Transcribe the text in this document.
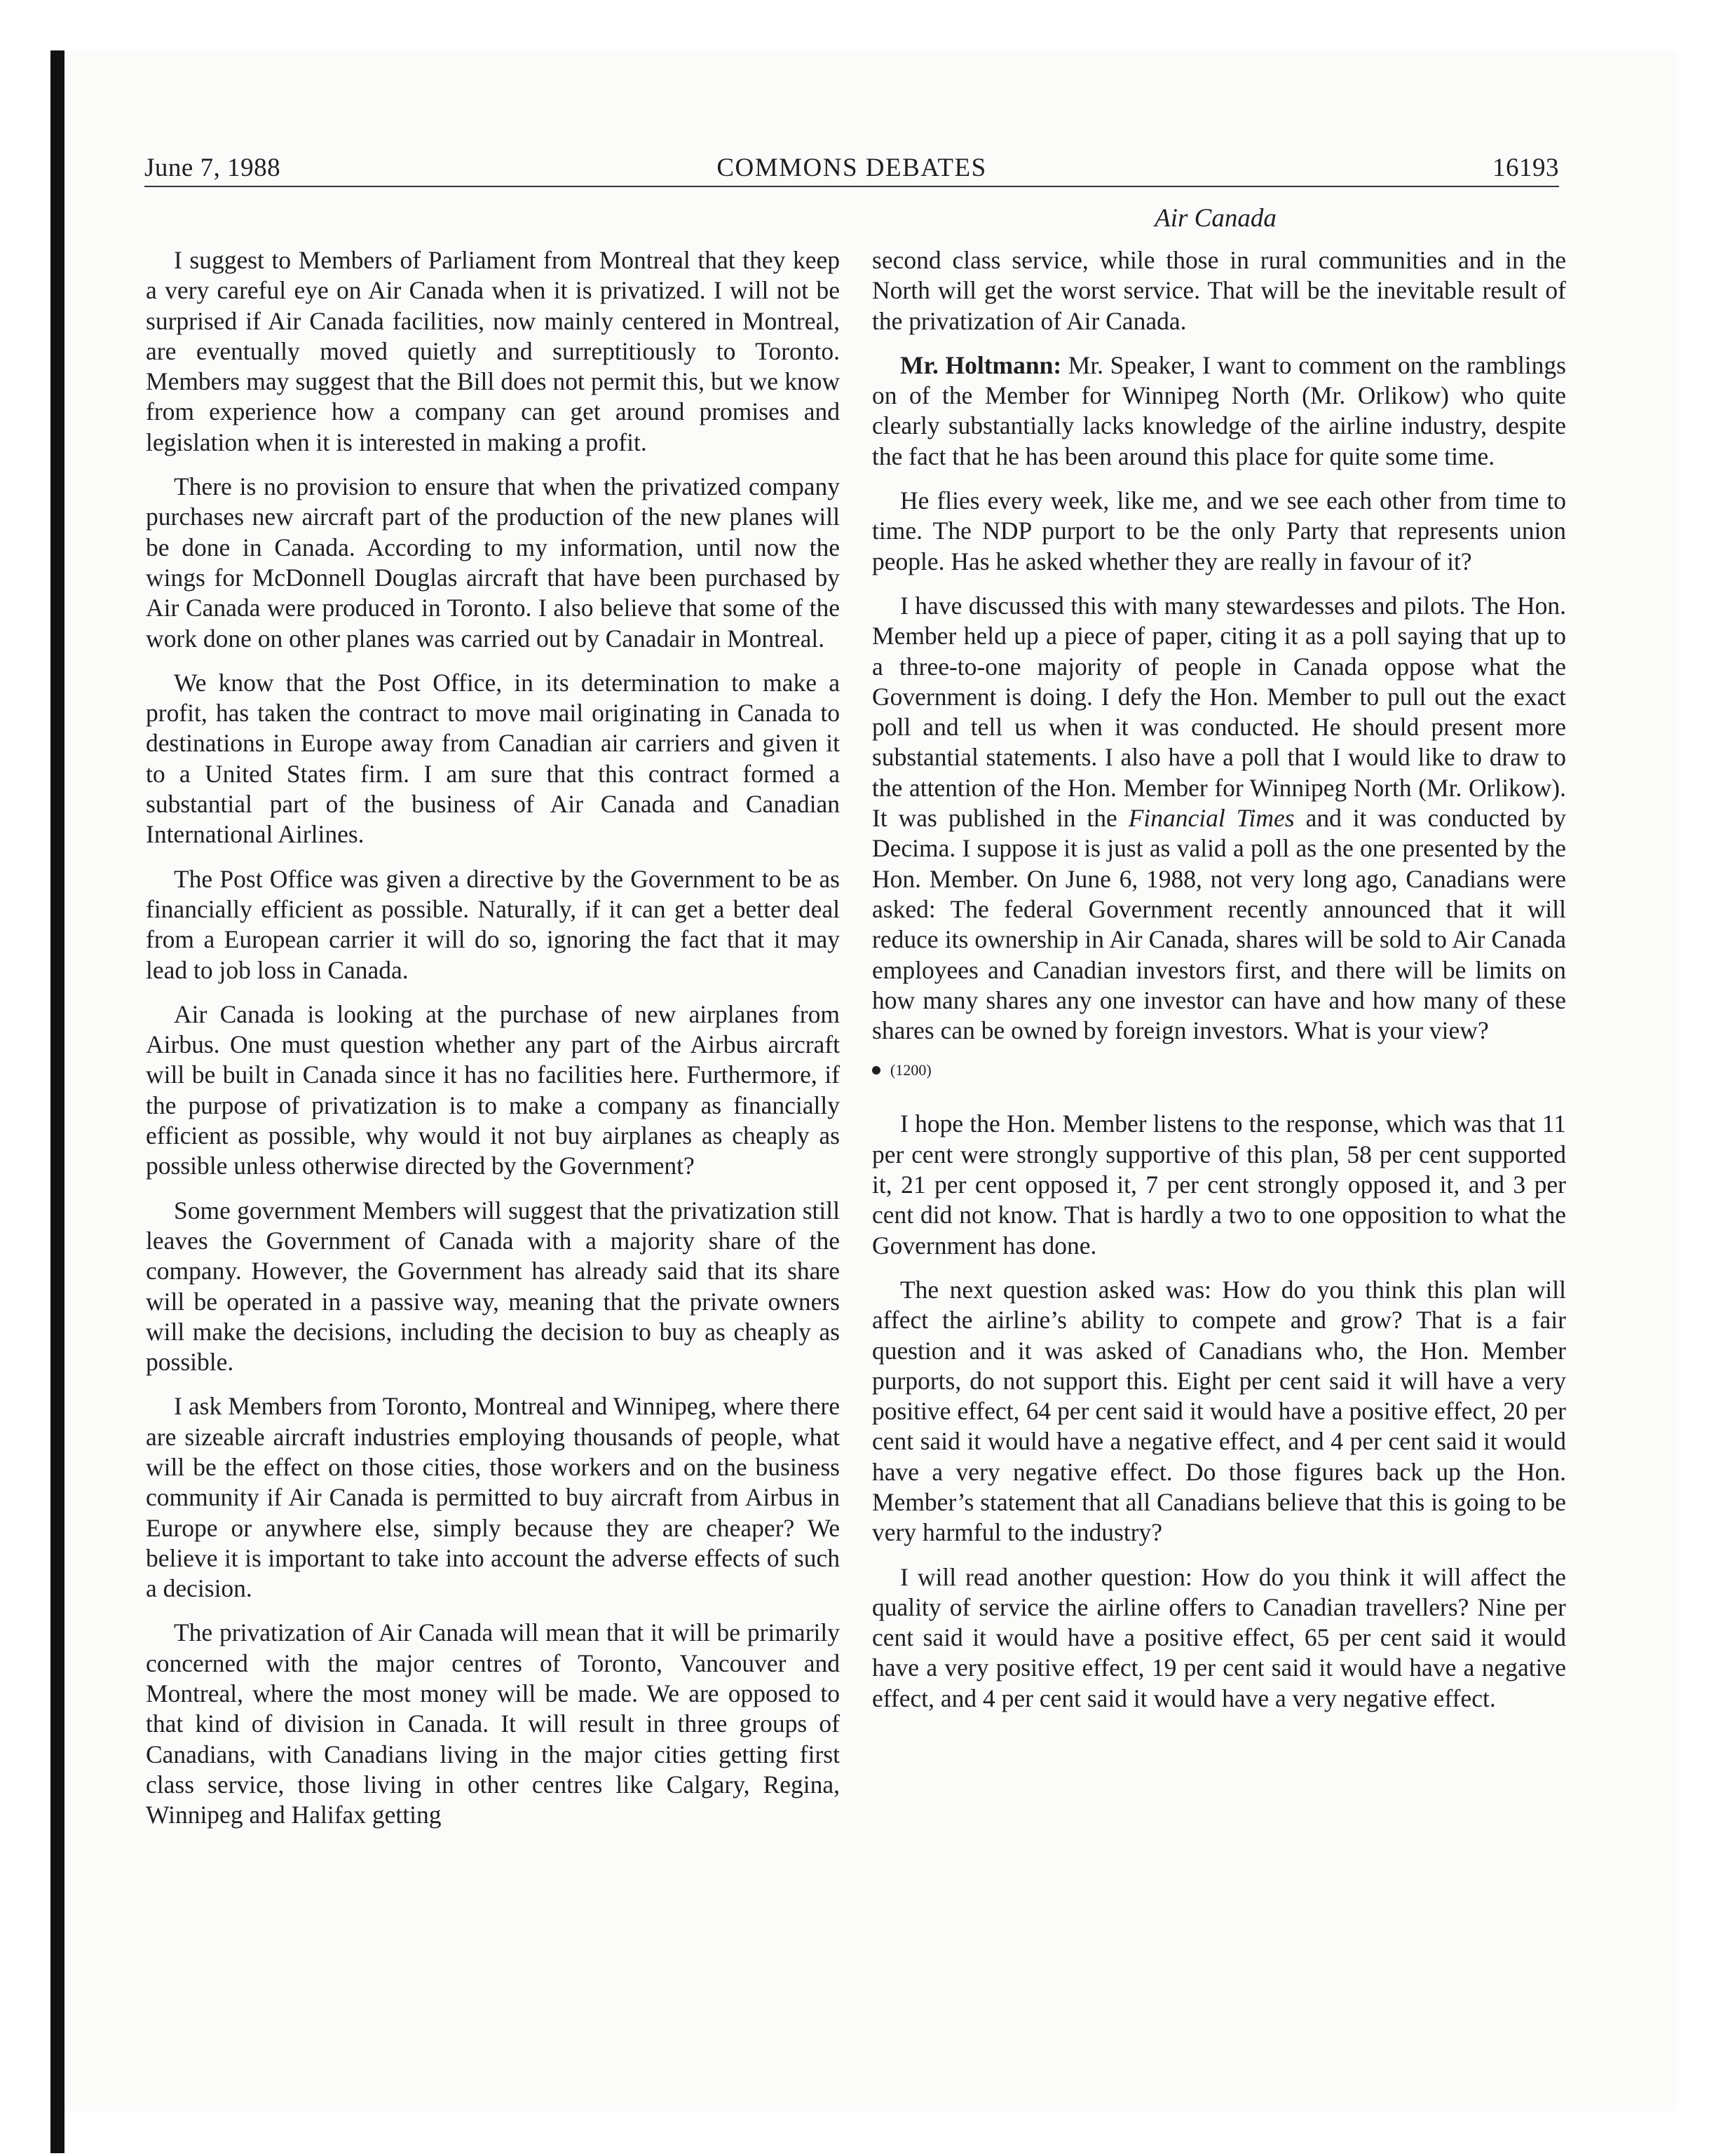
June 7, 1988	COMMONS DEBATES	16193
Air Canada

I suggest to Members of Parliament from Montreal that they keep a very careful eye on Air Canada when it is privatized. I will not be surprised if Air Canada facilities, now mainly centered in Montreal, are eventually moved quietly and surreptitiously to Toronto. Members may suggest that the Bill does not permit this, but we know from experience how a company can get around promises and legislation when it is interested in making a profit.

There is no provision to ensure that when the privatized company purchases new aircraft part of the production of the new planes will be done in Canada. According to my information, until now the wings for McDonnell Douglas aircraft that have been purchased by Air Canada were produced in Toronto. I also believe that some of the work done on other planes was carried out by Canadair in Montreal.

We know that the Post Office, in its determination to make a profit, has taken the contract to move mail originating in Canada to destinations in Europe away from Canadian air carriers and given it to a United States firm. I am sure that this contract formed a substantial part of the business of Air Canada and Canadian International Airlines.

The Post Office was given a directive by the Government to be as financially efficient as possible. Naturally, if it can get a better deal from a European carrier it will do so, ignoring the fact that it may lead to job loss in Canada.

Air Canada is looking at the purchase of new airplanes from Airbus. One must question whether any part of the Airbus aircraft will be built in Canada since it has no facilities here. Furthermore, if the purpose of privatization is to make a company as financially efficient as possible, why would it not buy airplanes as cheaply as possible unless otherwise directed by the Government?

Some government Members will suggest that the privatization still leaves the Government of Canada with a majority share of the company. However, the Government has already said that its share will be operated in a passive way, meaning that the private owners will make the decisions, including the decision to buy as cheaply as possible.

I ask Members from Toronto, Montreal and Winnipeg, where there are sizeable aircraft industries employing thousands of people, what will be the effect on those cities, those workers and on the business community if Air Canada is permitted to buy aircraft from Airbus in Europe or anywhere else, simply because they are cheaper? We believe it is important to take into account the adverse effects of such a decision.

The privatization of Air Canada will mean that it will be primarily concerned with the major centres of Toronto, Vancouver and Montreal, where the most money will be made. We are opposed to that kind of division in Canada. It will result in three groups of Canadians, with Canadians living in the major cities getting first class service, those living in other centres like Calgary, Regina, Winnipeg and Halifax getting

second class service, while those in rural communities and in the North will get the worst service. That will be the inevitable result of the privatization of Air Canada.

Mr. Holtmann: Mr. Speaker, I want to comment on the ramblings on of the Member for Winnipeg North (Mr. Orlikow) who quite clearly substantially lacks knowledge of the airline industry, despite the fact that he has been around this place for quite some time.

He flies every week, like me, and we see each other from time to time. The NDP purport to be the only Party that represents union people. Has he asked whether they are really in favour of it?

I have discussed this with many stewardesses and pilots. The Hon. Member held up a piece of paper, citing it as a poll saying that up to a three-to-one majority of people in Canada oppose what the Government is doing. I defy the Hon. Member to pull out the exact poll and tell us when it was conducted. He should present more substantial statements. I also have a poll that I would like to draw to the attention of the Hon. Member for Winnipeg North (Mr. Orlikow). It was published in the Financial Times and it was conducted by Decima. I suppose it is just as valid a poll as the one presented by the Hon. Member. On June 6, 1988, not very long ago, Canadians were asked: The federal Government recently announced that it will reduce its ownership in Air Canada, shares will be sold to Air Canada employees and Canadian investors first, and there will be limits on how many shares any one investor can have and how many of these shares can be owned by foreign investors. What is your view?

(1200)

I hope the Hon. Member listens to the response, which was that 11 per cent were strongly supportive of this plan, 58 per cent supported it, 21 per cent opposed it, 7 per cent strongly opposed it, and 3 per cent did not know. That is hardly a two to one opposition to what the Government has done.

The next question asked was: How do you think this plan will affect the airline’s ability to compete and grow? That is a fair question and it was asked of Canadians who, the Hon. Member purports, do not support this. Eight per cent said it will have a very positive effect, 64 per cent said it would have a positive effect, 20 per cent said it would have a negative effect, and 4 per cent said it would have a very negative effect. Do those figures back up the Hon. Member’s statement that all Canadians believe that this is going to be very harmful to the industry?

I will read another question: How do you think it will affect the quality of service the airline offers to Canadian travellers? Nine per cent said it would have a positive effect, 65 per cent said it would have a very positive effect, 19 per cent said it would have a negative effect, and 4 per cent said it would have a very negative effect.
